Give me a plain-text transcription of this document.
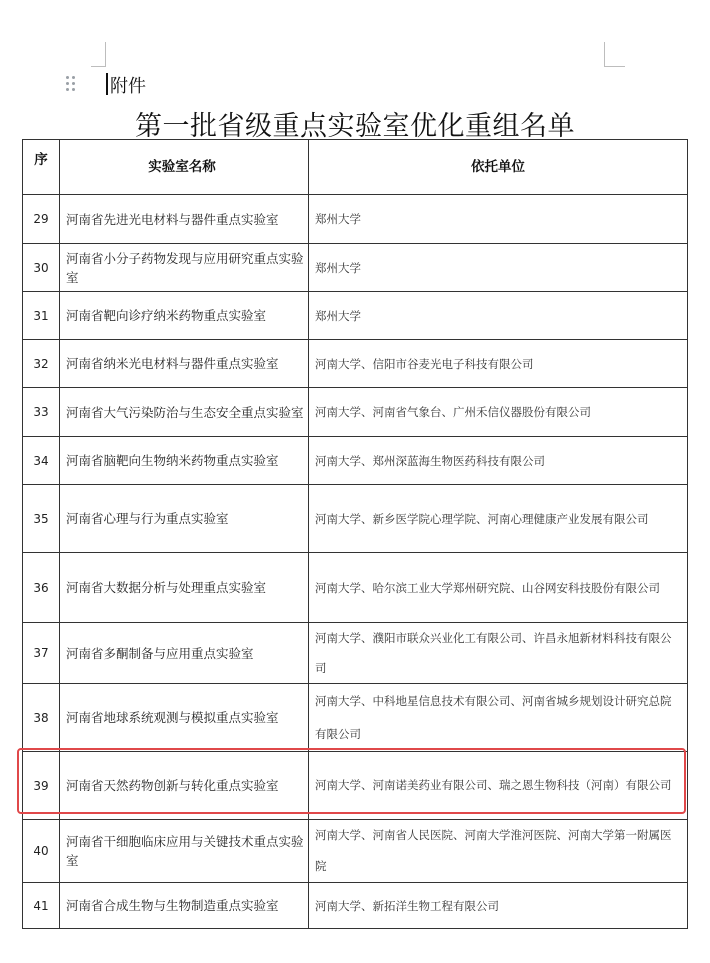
附件
第一批省级重点实验室优化重组名单
序	实验室名称	依托单位
29	河南省先进光电材料与器件重点实验室	郑州大学
30	河南省小分子药物发现与应用研究重点实验室	郑州大学
31	河南省靶向诊疗纳米药物重点实验室	郑州大学
32	河南省纳米光电材料与器件重点实验室	河南大学、信阳市谷麦光电子科技有限公司
33	河南省大气污染防治与生态安全重点实验室	河南大学、河南省气象台、广州禾信仪器股份有限公司
34	河南省脑靶向生物纳米药物重点实验室	河南大学、郑州深蓝海生物医药科技有限公司
35	河南省心理与行为重点实验室	河南大学、新乡医学院心理学院、河南心理健康产业发展有限公司
36	河南省大数据分析与处理重点实验室	河南大学、哈尔滨工业大学郑州研究院、山谷网安科技股份有限公司
37	河南省多酮制备与应用重点实验室	河南大学、濮阳市联众兴业化工有限公司、许昌永旭新材料科技有限公司
38	河南省地球系统观测与模拟重点实验室	河南大学、中科地星信息技术有限公司、河南省城乡规划设计研究总院有限公司
39	河南省天然药物创新与转化重点实验室	河南大学、河南诺美药业有限公司、瑞之恩生物科技（河南）有限公司
40	河南省干细胞临床应用与关键技术重点实验室	河南大学、河南省人民医院、河南大学淮河医院、河南大学第一附属医院
41	河南省合成生物与生物制造重点实验室	河南大学、新拓洋生物工程有限公司
